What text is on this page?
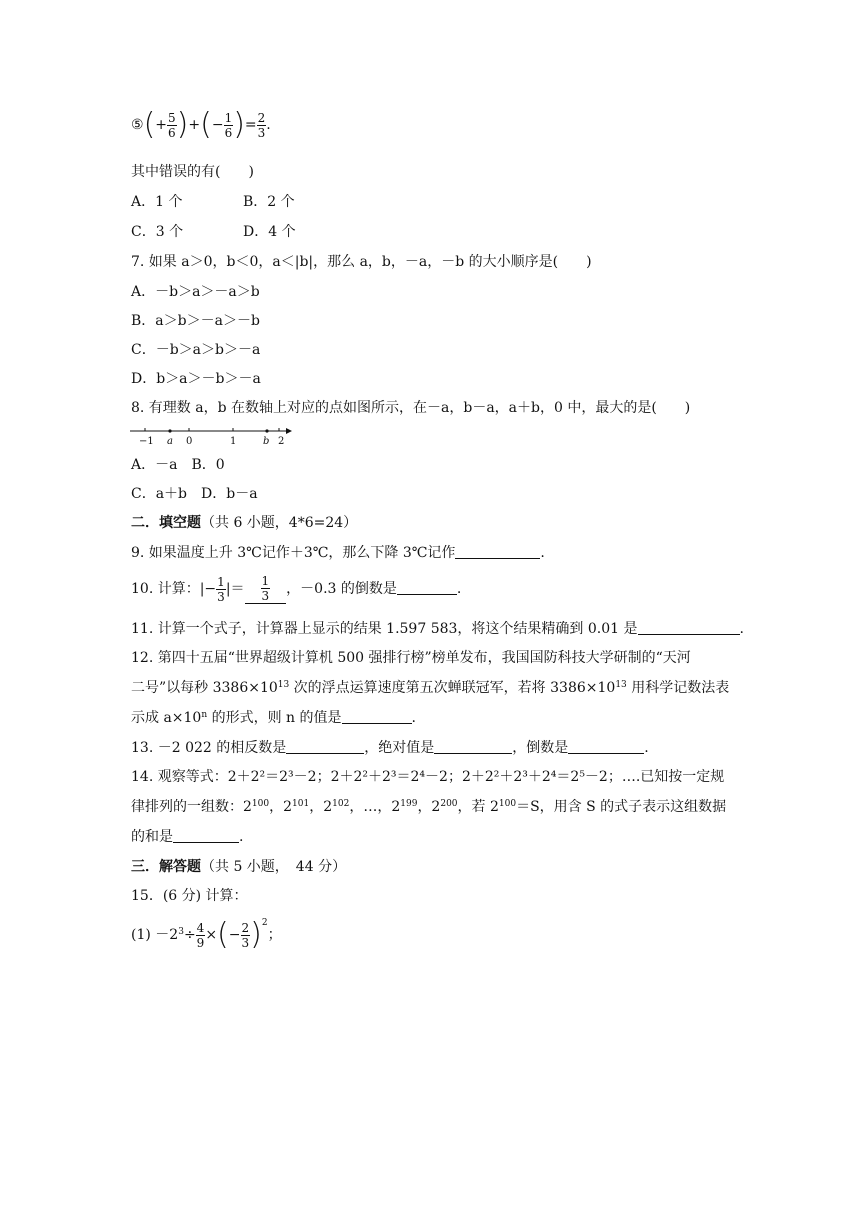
⑤(+ $\frac{5}{6}$ )+(− $\frac{1}{6}$ )= $\frac{2}{3}$ .
其中错误的有(　　)
A．1 个	B．2 个
C．3 个	D．4 个
7. 如果 a＞0，b＜0，a＜|b|，那么 a，b，－a，－b 的大小顺序是(　　)
A．－b＞a＞－a＞b
B．a＞b＞－a＞－b
C．－b＞a＞b＞－a
D．b＞a＞－b＞－a
8. 有理数 a，b 在数轴上对应的点如图所示，在－a，b－a，a＋b，0 中，最大的是(　　)
−1 a 0	1	b 2
A．－a　B．0
C．a＋b　D．b－a
二．填空题（共 6 小题，4*6=24）
9. 如果温度上升 3℃记作＋3℃，那么下降 3℃记作	.
10. 计算：|− $\frac{1}{3}$ |＝ $\frac{1}{3}$ ，－0.3 的倒数是	.
11. 计算一个式子，计算器上显示的结果 1.597 583，将这个结果精确到 0.01 是	.
12. 第四十五届“世界超级计算机 500 强排行榜”榜单发布，我国国防科技大学研制的“天河
二号”以每秒 $3386\times 10^{13}$ 次的浮点运算速度第五次蝉联冠军，若将 $3386\times 10^{13}$ 用科学记数法表
示成 $a\times 10^n$ 的形式，则 n 的值是	.
13. －2 022 的相反数是	，绝对值是	，倒数是	.
14. 观察等式：2＋2²＝2³－2；2＋2²＋2³＝2⁴－2；2＋2²＋2³＋2⁴＝2⁵－2；….已知按一定规
律排列的一组数：$2^{100}$，$2^{101}$，$2^{102}$，…，$2^{199}$，$2^{200}$，若 $2^{100}=S$，用含 S 的式子表示这组数据
的和是	.
三．解答题（共 5 小题，　44 分）
15．(6 分) 计算：
$(1) -2^3\div \frac{4}{9}$ ×(− $\frac{2}{3} )^2$；
